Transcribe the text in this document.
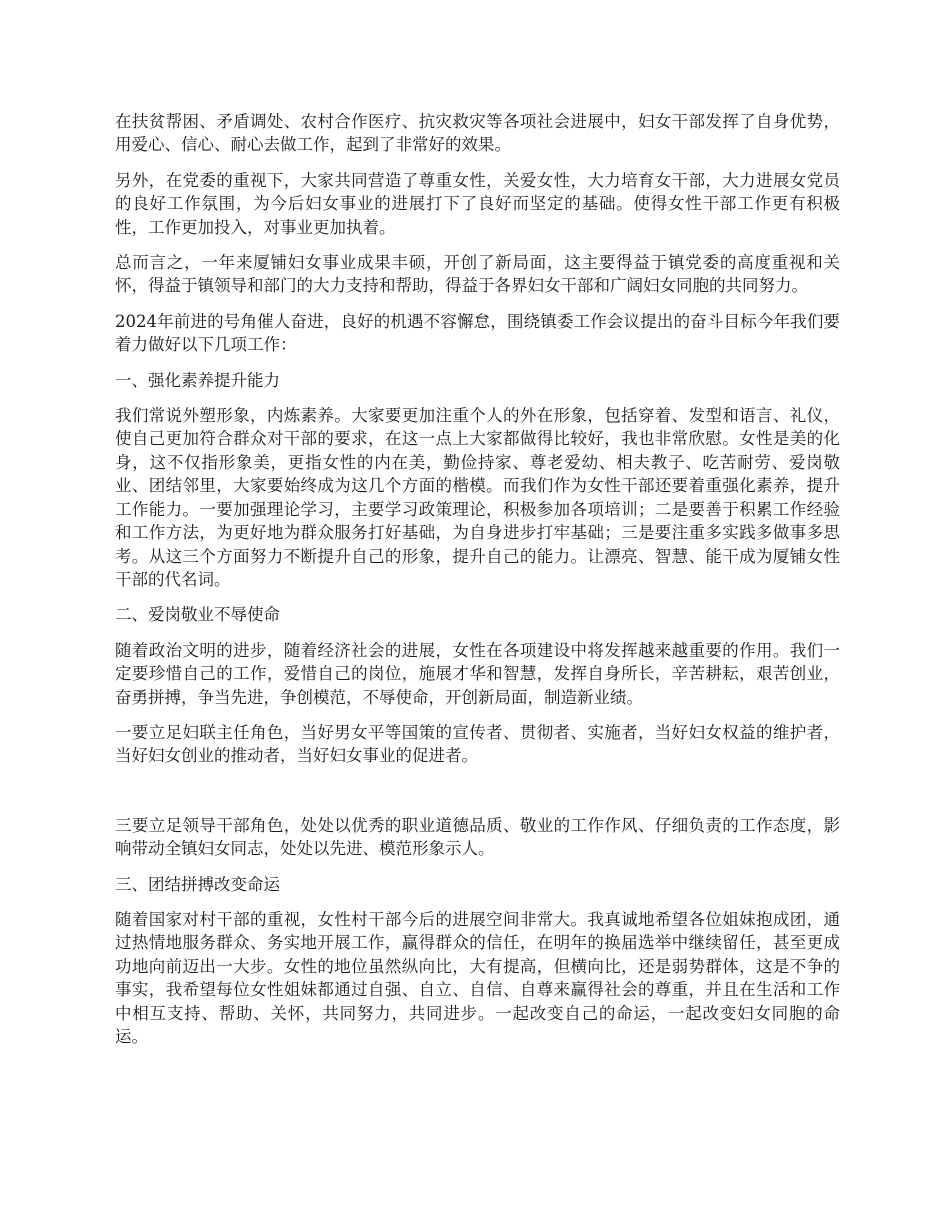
在扶贫帮困、矛盾调处、农村合作医疗、抗灾救灾等各项社会进展中，妇女干部发挥了自身优势，用爱心、信心、耐心去做工作，起到了非常好的效果。

另外，在党委的重视下，大家共同营造了尊重女性，关爱女性，大力培育女干部，大力进展女党员的良好工作氛围，为今后妇女事业的进展打下了良好而坚定的基础。使得女性干部工作更有积极性，工作更加投入，对事业更加执着。

总而言之，一年来厦铺妇女事业成果丰硕，开创了新局面，这主要得益于镇党委的高度重视和关怀，得益于镇领导和部门的大力支持和帮助，得益于各界妇女干部和广阔妇女同胞的共同努力。

2024年前进的号角催人奋进，良好的机遇不容懈怠，围绕镇委工作会议提出的奋斗目标今年我们要着力做好以下几项工作：

一、强化素养提升能力

我们常说外塑形象，内炼素养。大家要更加注重个人的外在形象，包括穿着、发型和语言、礼仪，使自己更加符合群众对干部的要求，在这一点上大家都做得比较好，我也非常欣慰。女性是美的化身，这不仅指形象美，更指女性的内在美，勤俭持家、尊老爱幼、相夫教子、吃苦耐劳、爱岗敬业、团结邻里，大家要始终成为这几个方面的楷模。而我们作为女性干部还要着重强化素养，提升工作能力。一要加强理论学习，主要学习政策理论，积极参加各项培训；二是要善于积累工作经验和工作方法，为更好地为群众服务打好基础，为自身进步打牢基础；三是要注重多实践多做事多思考。从这三个方面努力不断提升自己的形象，提升自己的能力。让漂亮、智慧、能干成为厦铺女性干部的代名词。

二、爱岗敬业不辱使命

随着政治文明的进步，随着经济社会的进展，女性在各项建设中将发挥越来越重要的作用。我们一定要珍惜自己的工作，爱惜自己的岗位，施展才华和智慧，发挥自身所长，辛苦耕耘，艰苦创业，奋勇拼搏，争当先进，争创模范，不辱使命，开创新局面，制造新业绩。

一要立足妇联主任角色，当好男女平等国策的宣传者、贯彻者、实施者，当好妇女权益的维护者，当好妇女创业的推动者，当好妇女事业的促进者。

三要立足领导干部角色，处处以优秀的职业道德品质、敬业的工作作风、仔细负责的工作态度，影响带动全镇妇女同志，处处以先进、模范形象示人。

三、团结拼搏改变命运

随着国家对村干部的重视，女性村干部今后的进展空间非常大。我真诚地希望各位姐妹抱成团，通过热情地服务群众、务实地开展工作，赢得群众的信任，在明年的换届选举中继续留任，甚至更成功地向前迈出一大步。女性的地位虽然纵向比，大有提高，但横向比，还是弱势群体，这是不争的事实，我希望每位女性姐妹都通过自强、自立、自信、自尊来赢得社会的尊重，并且在生活和工作中相互支持、帮助、关怀，共同努力，共同进步。一起改变自己的命运，一起改变妇女同胞的命运。
